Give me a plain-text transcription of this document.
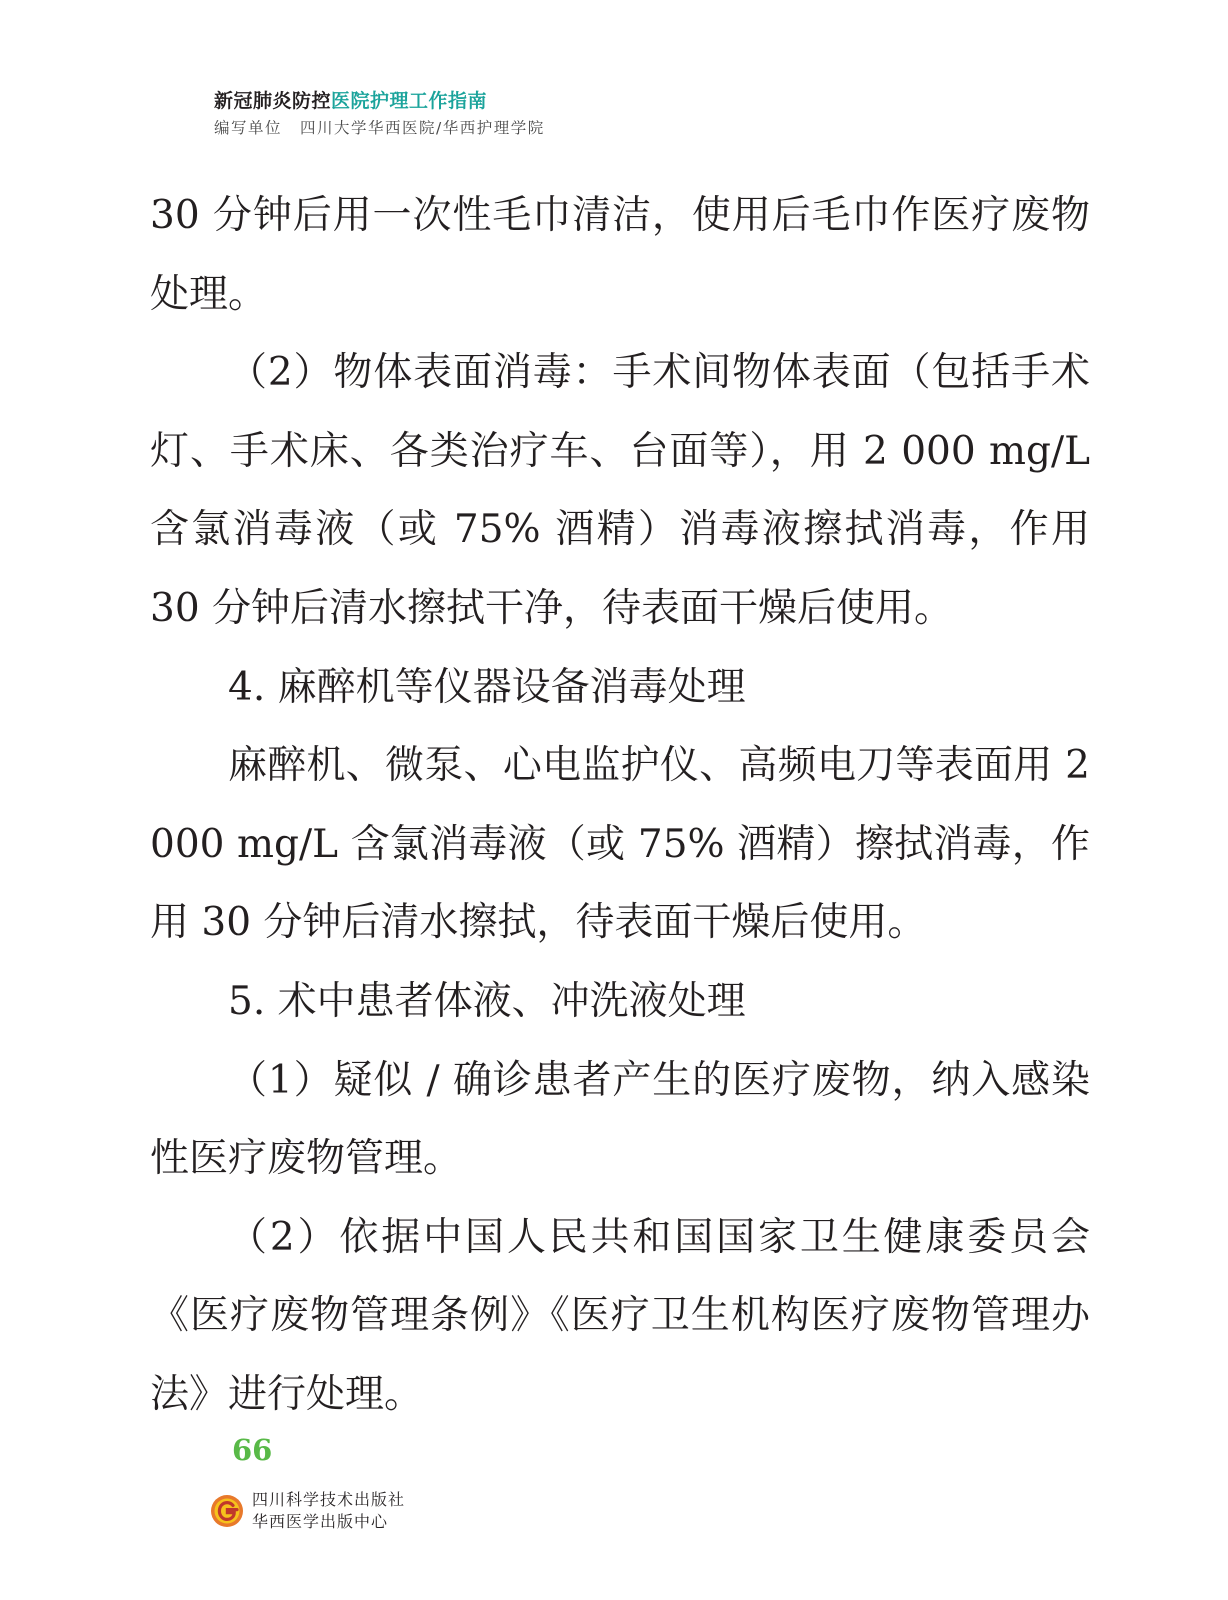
新冠肺炎防控医院护理工作指南
编写单位 四川大学华西医院/华西护理学院

30 分钟后用一次性毛巾清洁，使用后毛巾作医疗废物处理。

（2）物体表面消毒：手术间物体表面（包括手术灯、手术床、各类治疗车、台面等），用 2 000 mg/L 含氯消毒液（或 75% 酒精）消毒液擦拭消毒，作用 30 分钟后清水擦拭干净，待表面干燥后使用。

4. 麻醉机等仪器设备消毒处理

麻醉机、微泵、心电监护仪、高频电刀等表面用 2 000 mg/L 含氯消毒液（或 75% 酒精）擦拭消毒，作用 30 分钟后清水擦拭，待表面干燥后使用。

5. 术中患者体液、冲洗液处理

（1）疑似 / 确诊患者产生的医疗废物，纳入感染性医疗废物管理。

（2）依据中国人民共和国国家卫生健康委员会《医疗废物管理条例》《医疗卫生机构医疗废物管理办法》进行处理。

66
四川科学技术出版社
华西医学出版中心
